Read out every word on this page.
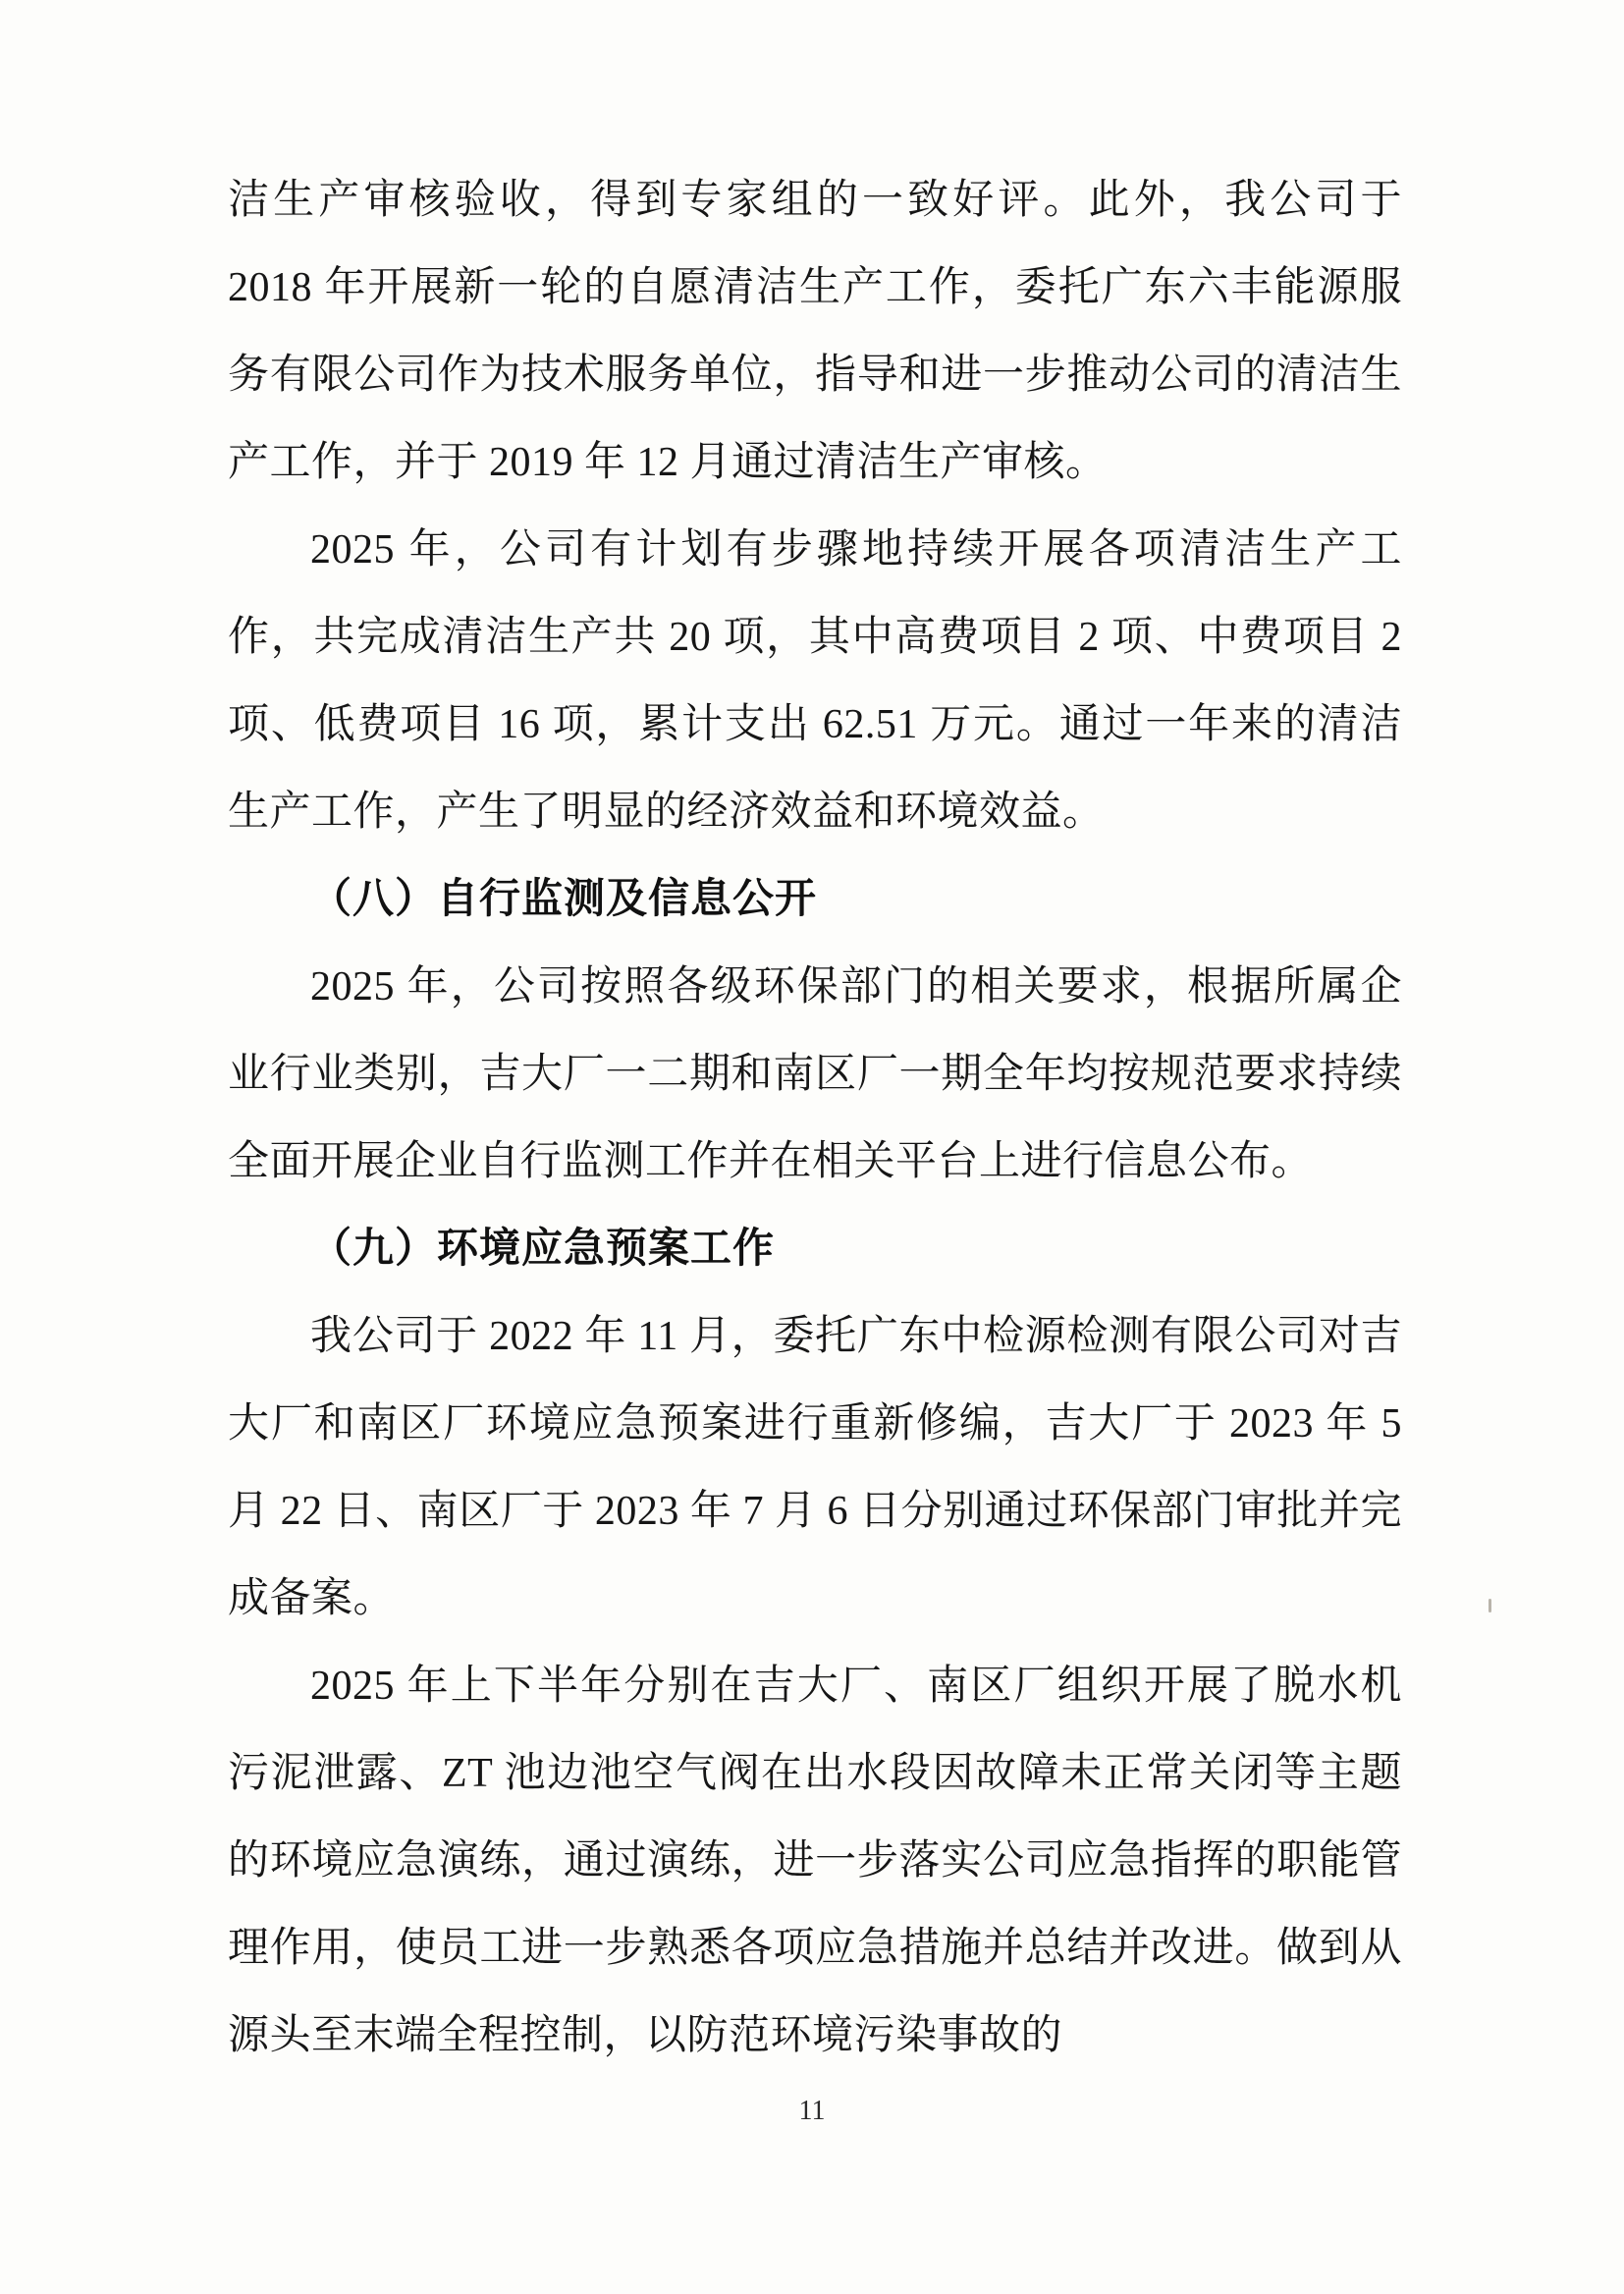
洁生产审核验收，得到专家组的一致好评。此外，我公司于 2018 年开展新一轮的自愿清洁生产工作，委托广东六丰能源服务有限公司作为技术服务单位，指导和进一步推动公司的清洁生产工作，并于 2019 年 12 月通过清洁生产审核。

2025 年，公司有计划有步骤地持续开展各项清洁生产工作，共完成清洁生产共 20 项，其中高费项目 2 项、中费项目 2 项、低费项目 16 项，累计支出 62.51 万元。通过一年来的清洁生产工作，产生了明显的经济效益和环境效益。

（八）自行监测及信息公开

2025 年，公司按照各级环保部门的相关要求，根据所属企业行业类别，吉大厂一二期和南区厂一期全年均按规范要求持续全面开展企业自行监测工作并在相关平台上进行信息公布。

（九）环境应急预案工作

我公司于 2022 年 11 月，委托广东中检源检测有限公司对吉大厂和南区厂环境应急预案进行重新修编，吉大厂于 2023 年 5 月 22 日、南区厂于 2023 年 7 月 6 日分别通过环保部门审批并完成备案。

2025 年上下半年分别在吉大厂、南区厂组织开展了脱水机污泥泄露、ZT 池边池空气阀在出水段因故障未正常关闭等主题的环境应急演练，通过演练，进一步落实公司应急指挥的职能管理作用，使员工进一步熟悉各项应急措施并总结并改进。做到从源头至末端全程控制，以防范环境污染事故的

11
